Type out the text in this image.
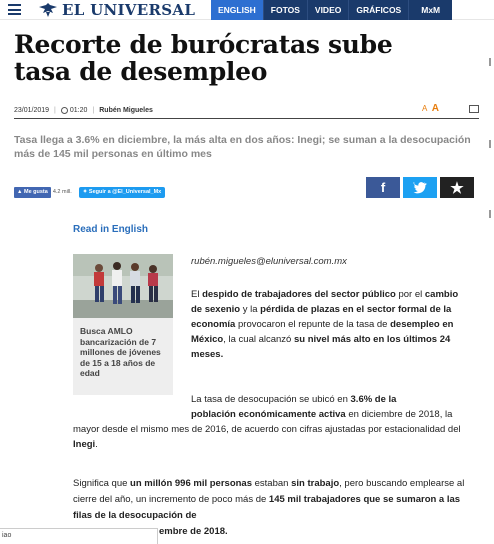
EL UNIVERSAL	ENGLISH	FOTOS	VIDEO	GRÁFICOS	MxM
Recorte de burócratas sube tasa de desempleo
23/01/2019 | 01:20 | Rubén Migueles	A A

Tasa llega a 3.6% en diciembre, la más alta en dos años: Inegi; se suman a la desocupación más de 145 mil personas en último mes

▲ Me gusta 4.2 mill.	✦ Seguir a @El_Universal_Mx	f	★
Read in English

Busca AMLO bancarización de 7 millones de jóvenes de 15 a 18 años de edad

rubén.migueles@eluniversal.com.mx

El despido de trabajadores del sector público por el cambio de sexenio y la pérdida de plazas en el sector formal de la economía provocaron el repunte de la tasa de desempleo en México, la cual alcanzó su nivel más alto en los últimos 24 meses.

La tasa de desocupación se ubicó en 3.6% de la
población económicamente activa en diciembre de 2018, la mayor desde el mismo mes de 2016, de acuerdo con cifras ajustadas por estacionalidad del Inegi.

Significa que un millón 996 mil personas estaban sin trabajo, pero buscando emplearse al cierre del año, un incremento de poco más de 145 mil trabajadores que se sumaron a las filas de la desocupación de
embre de 2018.

iao
